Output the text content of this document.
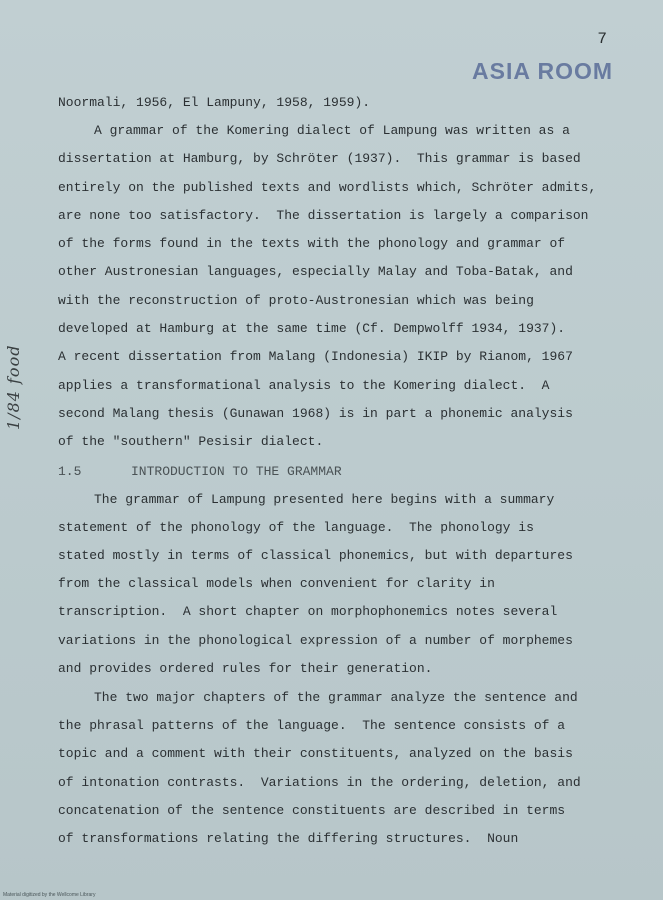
7
ASIA ROOM
1/84 food
Noormali, 1956, El Lampuny, 1958, 1959).
A grammar of the Komering dialect of Lampung was written as a
dissertation at Hamburg, by Schröter (1937).  This grammar is based
entirely on the published texts and wordlists which, Schröter admits,
are none too satisfactory.  The dissertation is largely a comparison
of the forms found in the texts with the phonology and grammar of
other Austronesian languages, especially Malay and Toba-Batak, and
with the reconstruction of proto-Austronesian which was being
developed at Hamburg at the same time (Cf. Dempwolff 1934, 1937).
A recent dissertation from Malang (Indonesia) IKIP by Rianom, 1967
applies a transformational analysis to the Komering dialect.  A
second Malang thesis (Gunawan 1968) is in part a phonemic analysis
of the "southern" Pesisir dialect.
1.5	INTRODUCTION TO THE GRAMMAR
The grammar of Lampung presented here begins with a summary
statement of the phonology of the language.  The phonology is
stated mostly in terms of classical phonemics, but with departures
from the classical models when convenient for clarity in
transcription.  A short chapter on morphophonemics notes several
variations in the phonological expression of a number of morphemes
and provides ordered rules for their generation.
The two major chapters of the grammar analyze the sentence and
the phrasal patterns of the language.  The sentence consists of a
topic and a comment with their constituents, analyzed on the basis
of intonation contrasts.  Variations in the ordering, deletion, and
concatenation of the sentence constituents are described in terms
of transformations relating the differing structures.  Noun
Material digitized by the Wellcome Library
